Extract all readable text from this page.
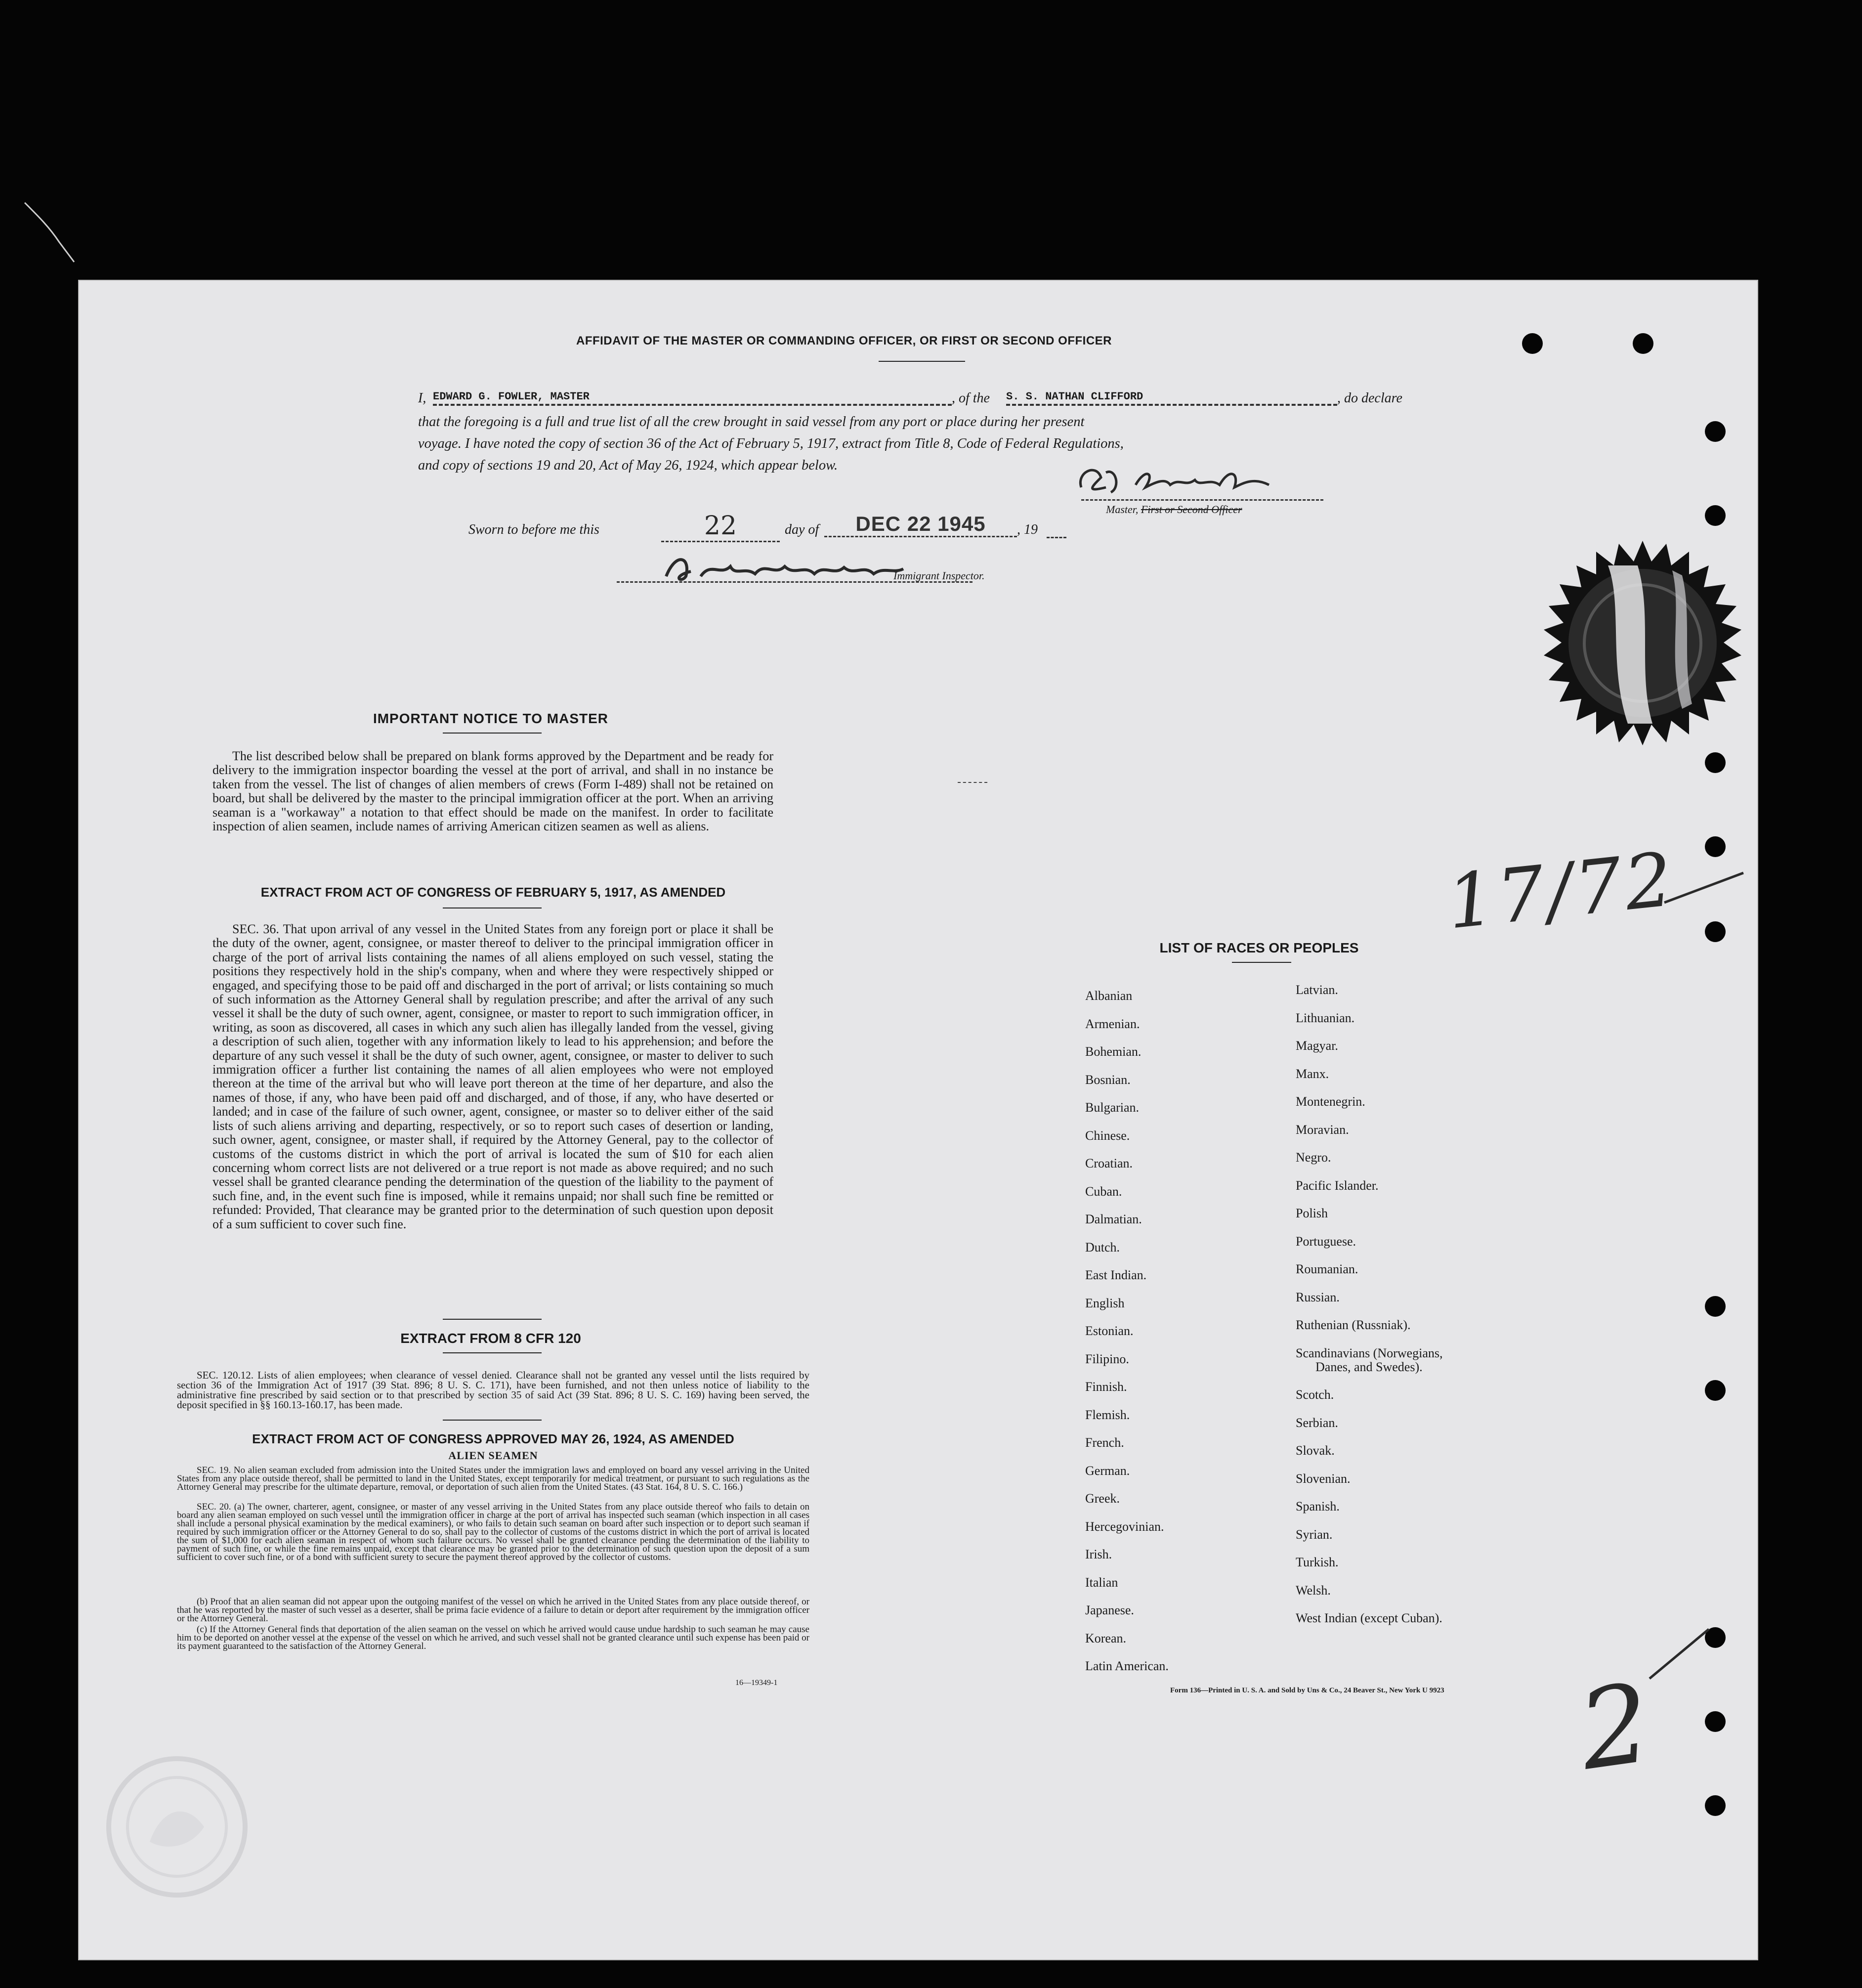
AFFIDAVIT OF THE MASTER OR COMMANDING OFFICER, OR FIRST OR SECOND OFFICER
I, EDWARD G. FOWLER, MASTER	, of the S. S. NATHAN CLIFFORD	, do declare
that the foregoing is a full and true list of all the crew brought in said vessel from any port or place during her present
voyage. I have noted the copy of section 36 of the Act of February 5, 1917, extract from Title 8, Code of Federal Regulations,
and copy of sections 19 and 20, Act of May 26, 1924, which appear below.
Master, First or Second Officer
Sworn to before me this	22	day of	DEC 22 1945	, 19
Immigrant Inspector.
IMPORTANT NOTICE TO MASTER
The list described below shall be prepared on blank forms approved by the Department and be ready for delivery to the immigration inspector boarding the vessel at the port of arrival, and shall in no instance be taken from the vessel. The list of changes of alien members of crews (Form I-489) shall not be retained on board, but shall be delivered by the master to the principal immigration officer at the port. When an arriving seaman is a "workaway" a notation to that effect should be made on the manifest. In order to facilitate inspection of alien seamen, include names of arriving American citizen seamen as well as aliens.
EXTRACT FROM ACT OF CONGRESS OF FEBRUARY 5, 1917, AS AMENDED
SEC. 36. That upon arrival of any vessel in the United States from any foreign port or place it shall be the duty of the owner, agent, consignee, or master thereof to deliver to the principal immigration officer in charge of the port of arrival lists containing the names of all aliens employed on such vessel, stating the positions they respectively hold in the ship's company, when and where they were respectively shipped or engaged, and specifying those to be paid off and discharged in the port of arrival; or lists containing so much of such information as the Attorney General shall by regulation prescribe; and after the arrival of any such vessel it shall be the duty of such owner, agent, consignee, or master to report to such immigration officer, in writing, as soon as discovered, all cases in which any such alien has illegally landed from the vessel, giving a description of such alien, together with any information likely to lead to his apprehension; and before the departure of any such vessel it shall be the duty of such owner, agent, consignee, or master to deliver to such immigration officer a further list containing the names of all alien employees who were not employed thereon at the time of the arrival but who will leave port thereon at the time of her departure, and also the names of those, if any, who have been paid off and discharged, and of those, if any, who have deserted or landed; and in case of the failure of such owner, agent, consignee, or master so to deliver either of the said lists of such aliens arriving and departing, respectively, or so to report such cases of desertion or landing, such owner, agent, consignee, or master shall, if required by the Attorney General, pay to the collector of customs of the customs district in which the port of arrival is located the sum of $10 for each alien concerning whom correct lists are not delivered or a true report is not made as above required; and no such vessel shall be granted clearance pending the determination of the question of the liability to the payment of such fine, and, in the event such fine is imposed, while it remains unpaid; nor shall such fine be remitted or refunded: Provided, That clearance may be granted prior to the determination of such question upon deposit of a sum sufficient to cover such fine.
EXTRACT FROM 8 CFR 120
SEC. 120.12. Lists of alien employees; when clearance of vessel denied. Clearance shall not be granted any vessel until the lists required by section 36 of the Immigration Act of 1917 (39 Stat. 896; 8 U. S. C. 171), have been furnished, and not then unless notice of liability to the administrative fine prescribed by said section or to that prescribed by section 35 of said Act (39 Stat. 896; 8 U. S. C. 169) having been served, the deposit specified in §§ 160.13-160.17, has been made.
EXTRACT FROM ACT OF CONGRESS APPROVED MAY 26, 1924, AS AMENDED
ALIEN SEAMEN
SEC. 19. No alien seaman excluded from admission into the United States under the immigration laws and employed on board any vessel arriving in the United States from any place outside thereof, shall be permitted to land in the United States, except temporarily for medical treatment, or pursuant to such regulations as the Attorney General may prescribe for the ultimate departure, removal, or deportation of such alien from the United States. (43 Stat. 164, 8 U. S. C. 166.)
SEC. 20. (a) The owner, charterer, agent, consignee, or master of any vessel arriving in the United States from any place outside thereof who fails to detain on board any alien seaman employed on such vessel until the immigration officer in charge at the port of arrival has inspected such seaman (which inspection in all cases shall include a personal physical examination by the medical examiners), or who fails to detain such seaman on board after such inspection or to deport such seaman if required by such immigration officer or the Attorney General to do so, shall pay to the collector of customs of the customs district in which the port of arrival is located the sum of $1,000 for each alien seaman in respect of whom such failure occurs. No vessel shall be granted clearance pending the determination of the liability to payment of such fine, or while the fine remains unpaid, except that clearance may be granted prior to the determination of such question upon the deposit of a sum sufficient to cover such fine, or of a bond with sufficient surety to secure the payment thereof approved by the collector of customs.
(b) Proof that an alien seaman did not appear upon the outgoing manifest of the vessel on which he arrived in the United States from any place outside thereof, or that he was reported by the master of such vessel as a deserter, shall be prima facie evidence of a failure to detain or deport after requirement by the immigration officer or the Attorney General.
(c) If the Attorney General finds that deportation of the alien seaman on the vessel on which he arrived would cause undue hardship to such seaman he may cause him to be deported on another vessel at the expense of the vessel on which he arrived, and such vessel shall not be granted clearance until such expense has been paid or its payment guaranteed to the satisfaction of the Attorney General.
16—19349-1
LIST OF RACES OR PEOPLES
Albanian
Armenian.
Bohemian.
Bosnian.
Bulgarian.
Chinese.
Croatian.
Cuban.
Dalmatian.
Dutch.
East Indian.
English
Estonian.
Filipino.
Finnish.
Flemish.
French.
German.
Greek.
Hercegovinian.
Irish.
Italian
Japanese.
Korean.
Latin American.
Latvian.
Lithuanian.
Magyar.
Manx.
Montenegrin.
Moravian.
Negro.
Pacific Islander.
Polish
Portuguese.
Roumanian.
Russian.
Ruthenian (Russniak).
Scandinavians (Norwegians,
Danes, and Swedes).
Scotch.
Serbian.
Slovak.
Slovenian.
Spanish.
Syrian.
Turkish.
Welsh.
West Indian (except Cuban).
Form 136—Printed in U. S. A. and Sold by Uns & Co., 24 Beaver St., New York U 9923
17/72
2
